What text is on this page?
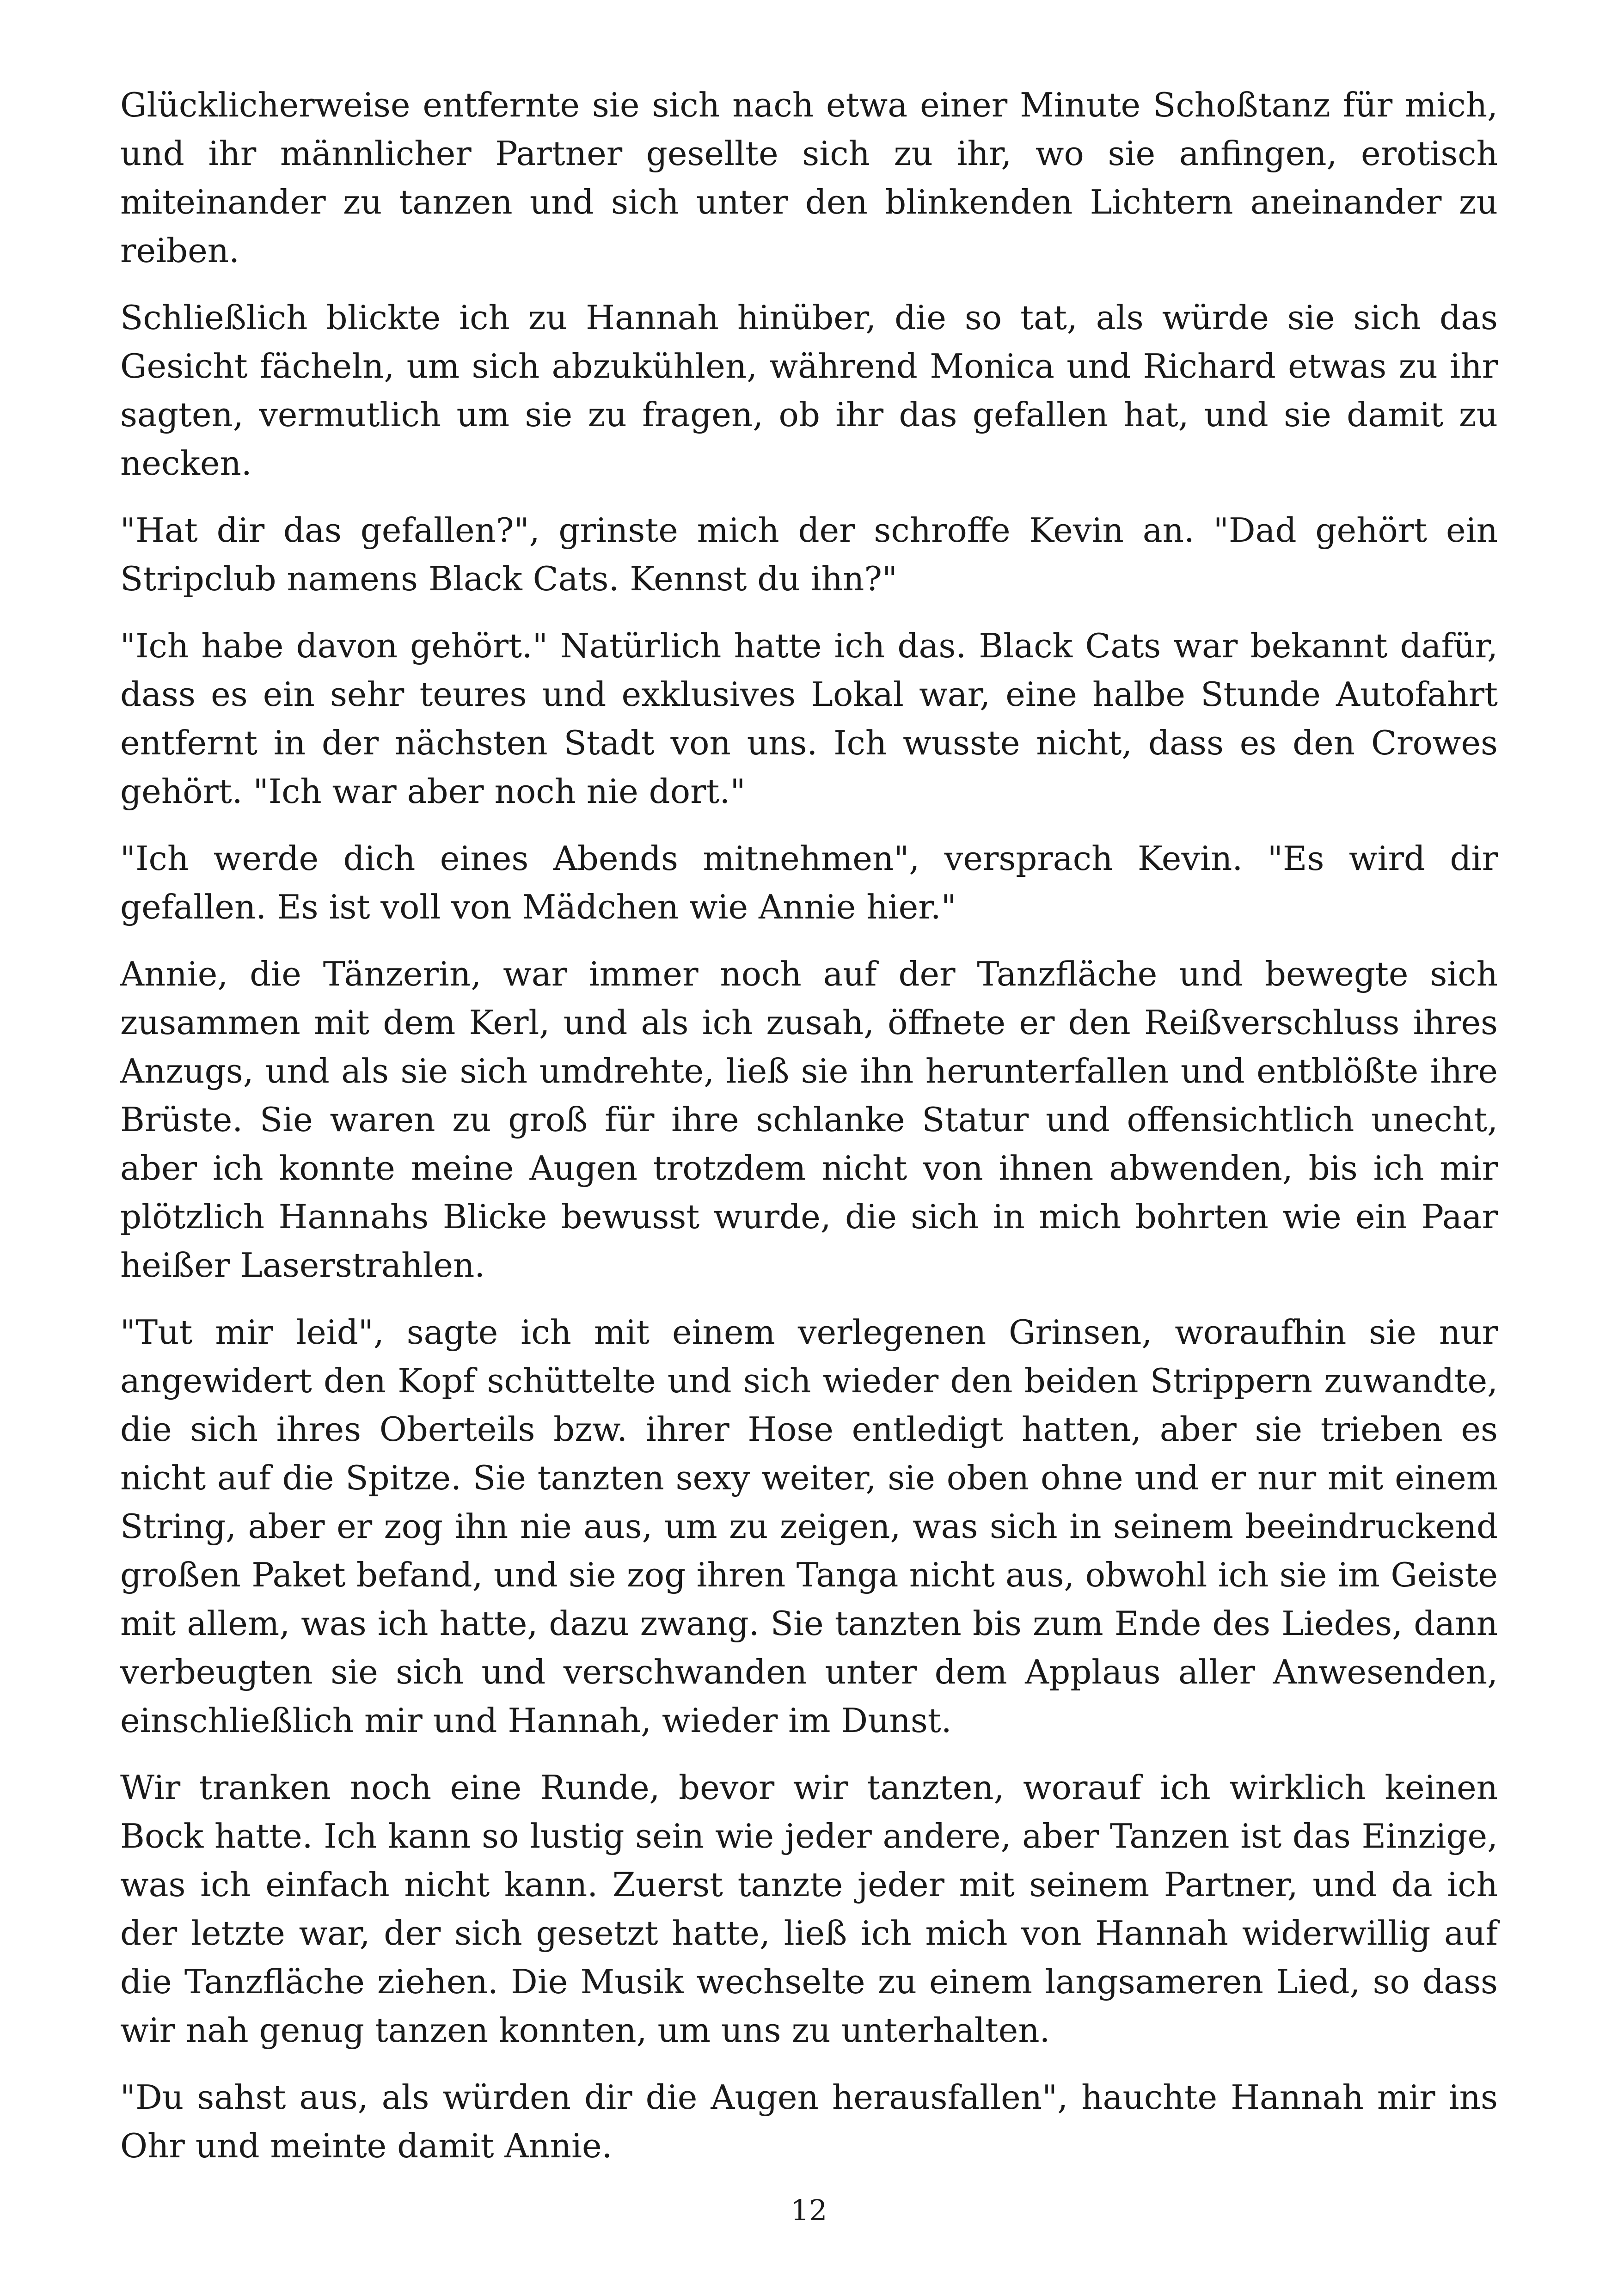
Glücklicherweise entfernte sie sich nach etwa einer Minute Schoßtanz für mich, und ihr männlicher Partner gesellte sich zu ihr, wo sie anfingen, erotisch miteinander zu tanzen und sich unter den blinkenden Lichtern aneinander zu reiben.

Schließlich blickte ich zu Hannah hinüber, die so tat, als würde sie sich das Gesicht fächeln, um sich abzukühlen, während Monica und Richard etwas zu ihr sagten, vermutlich um sie zu fragen, ob ihr das gefallen hat, und sie damit zu necken.

"Hat dir das gefallen?", grinste mich der schroffe Kevin an. "Dad gehört ein Stripclub namens Black Cats. Kennst du ihn?"

"Ich habe davon gehört." Natürlich hatte ich das. Black Cats war bekannt dafür, dass es ein sehr teures und exklusives Lokal war, eine halbe Stunde Autofahrt entfernt in der nächsten Stadt von uns. Ich wusste nicht, dass es den Crowes gehört. "Ich war aber noch nie dort."

"Ich werde dich eines Abends mitnehmen", versprach Kevin. "Es wird dir gefallen. Es ist voll von Mädchen wie Annie hier."

Annie, die Tänzerin, war immer noch auf der Tanzfläche und bewegte sich zusammen mit dem Kerl, und als ich zusah, öffnete er den Reißverschluss ihres Anzugs, und als sie sich umdrehte, ließ sie ihn herunterfallen und entblößte ihre Brüste. Sie waren zu groß für ihre schlanke Statur und offensichtlich unecht, aber ich konnte meine Augen trotzdem nicht von ihnen abwenden, bis ich mir plötzlich Hannahs Blicke bewusst wurde, die sich in mich bohrten wie ein Paar heißer Laserstrahlen.

"Tut mir leid", sagte ich mit einem verlegenen Grinsen, woraufhin sie nur angewidert den Kopf schüttelte und sich wieder den beiden Strippern zuwandte, die sich ihres Oberteils bzw. ihrer Hose entledigt hatten, aber sie trieben es nicht auf die Spitze. Sie tanzten sexy weiter, sie oben ohne und er nur mit einem String, aber er zog ihn nie aus, um zu zeigen, was sich in seinem beeindruckend großen Paket befand, und sie zog ihren Tanga nicht aus, obwohl ich sie im Geiste mit allem, was ich hatte, dazu zwang. Sie tanzten bis zum Ende des Liedes, dann verbeugten sie sich und verschwanden unter dem Applaus aller Anwesenden, einschließlich mir und Hannah, wieder im Dunst.

Wir tranken noch eine Runde, bevor wir tanzten, worauf ich wirklich keinen Bock hatte. Ich kann so lustig sein wie jeder andere, aber Tanzen ist das Einzige, was ich einfach nicht kann. Zuerst tanzte jeder mit seinem Partner, und da ich der letzte war, der sich gesetzt hatte, ließ ich mich von Hannah widerwillig auf die Tanzfläche ziehen. Die Musik wechselte zu einem langsameren Lied, so dass wir nah genug tanzen konnten, um uns zu unterhalten.

"Du sahst aus, als würden dir die Augen herausfallen", hauchte Hannah mir ins Ohr und meinte damit Annie.

12
